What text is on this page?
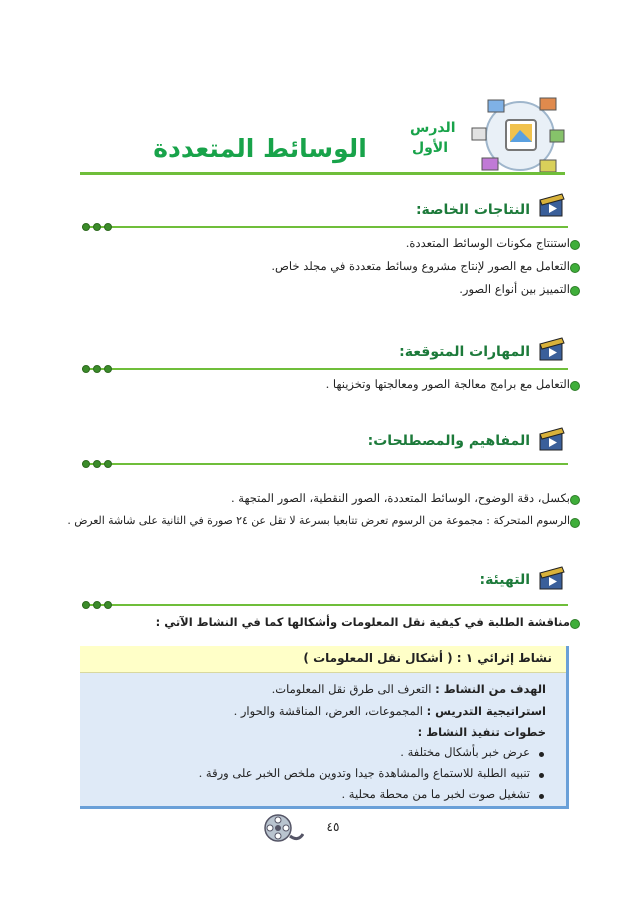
الدرس الأول
الوسائط المتعددة
النتاجات الخاصة:
استنتاج مكونات الوسائط المتعددة.
التعامل مع الصور لإنتاج مشروع وسائط متعددة في مجلد خاص.
التمييز بين أنواع الصور.
المهارات المتوقعة:
التعامل مع برامج معالجة الصور ومعالجتها وتخزينها .
المفاهيم والمصطلحات:
بكسل، دقة الوضوح، الوسائط المتعددة، الصور النقطية، الصور المتجهة .
الرسوم المتحركة : مجموعة من الرسوم تعرض تتابعيا بسرعة لا تقل عن ٢٤ صورة في الثانية على شاشة العرض .
التهيئة:
مناقشة الطلبة في كيفية نقل المعلومات وأشكالها كما في النشاط الآتي :
نشاط إثرائي ١ : ( أشكال نقل المعلومات )
الهدف من النشاط : التعرف الى طرق نقل المعلومات.
استراتيجية التدريس : المجموعات، العرض، المناقشة والحوار .
خطوات تنفيذ النشاط :
عرض خبر بأشكال مختلفة .
تنبيه الطلبة للاستماع والمشاهدة جيدا وتدوين ملخص الخبر على ورقة .
تشغيل صوت لخبر ما من محطة محلية .
٤٥
